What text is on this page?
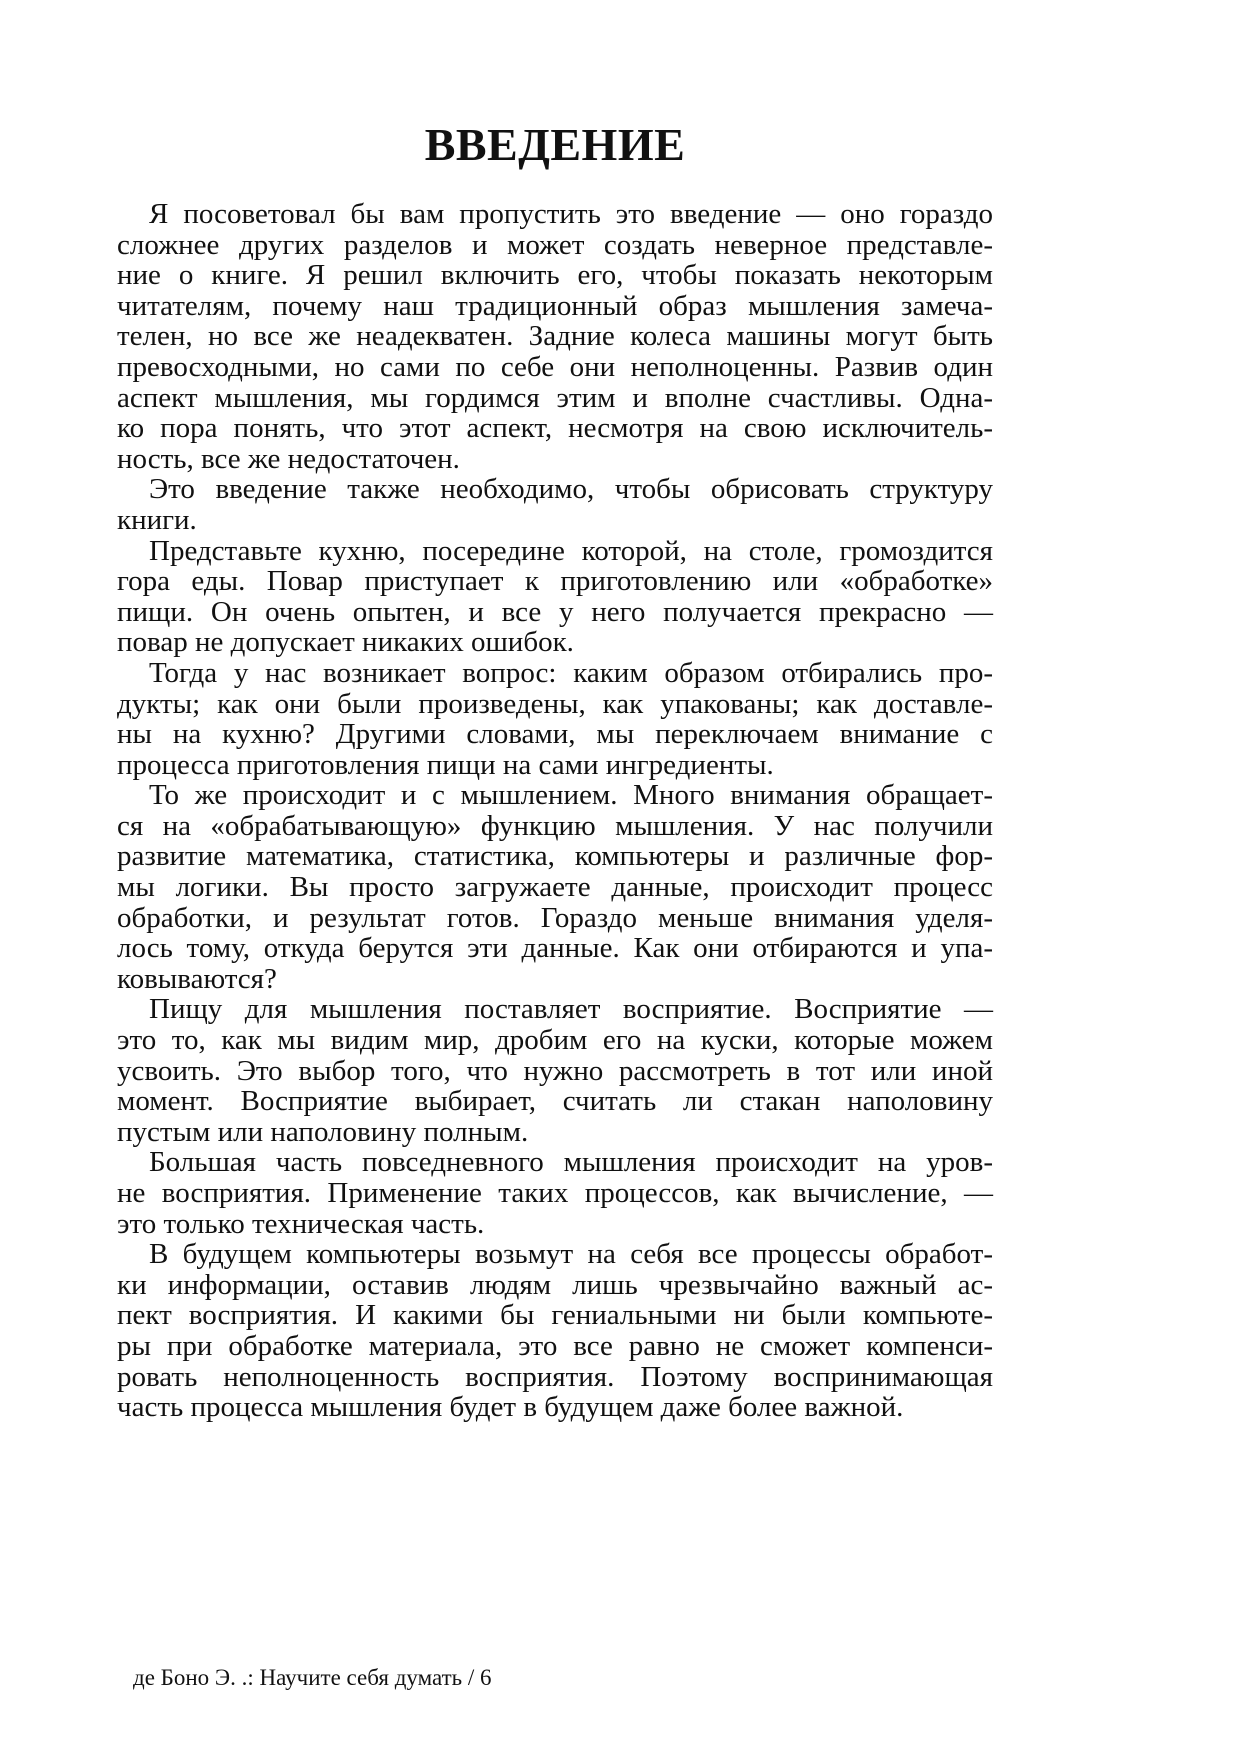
ВВЕДЕНИЕ
Я посоветовал бы вам пропустить это введение — оно гораздо
сложнее других разделов и может создать неверное представле-
ние о книге. Я решил включить его, чтобы показать некоторым
читателям, почему наш традиционный образ мышления замеча-
телен, но все же неадекватен. Задние колеса машины могут быть
превосходными, но сами по себе они неполноценны. Развив один
аспект мышления, мы гордимся этим и вполне счастливы. Одна-
ко пора понять, что этот аспект, несмотря на свою исключитель-
ность, все же недостаточен.
Это введение также необходимо, чтобы обрисовать структуру
книги.
Представьте кухню, посередине которой, на столе, громоздится
гора еды. Повар приступает к приготовлению или «обработке»
пищи. Он очень опытен, и все у него получается прекрасно —
повар не допускает никаких ошибок.
Тогда у нас возникает вопрос: каким образом отбирались про-
дукты; как они были произведены, как упакованы; как доставле-
ны на кухню? Другими словами, мы переключаем внимание с
процесса приготовления пищи на сами ингредиенты.
То же происходит и с мышлением. Много внимания обращает-
ся на «обрабатывающую» функцию мышления. У нас получили
развитие математика, статистика, компьютеры и различные фор-
мы логики. Вы просто загружаете данные, происходит процесс
обработки, и результат готов. Гораздо меньше внимания уделя-
лось тому, откуда берутся эти данные. Как они отбираются и упа-
ковываются?
Пищу для мышления поставляет восприятие. Восприятие —
это то, как мы видим мир, дробим его на куски, которые можем
усвоить. Это выбор того, что нужно рассмотреть в тот или иной
момент. Восприятие выбирает, считать ли стакан наполовину
пустым или наполовину полным.
Большая часть повседневного мышления происходит на уров-
не восприятия. Применение таких процессов, как вычисление, —
это только техническая часть.
В будущем компьютеры возьмут на себя все процессы обработ-
ки информации, оставив людям лишь чрезвычайно важный ас-
пект восприятия. И какими бы гениальными ни были компьюте-
ры при обработке материала, это все равно не сможет компенси-
ровать неполноценность восприятия. Поэтому воспринимающая
часть процесса мышления будет в будущем даже более важной.
де Боно Э. .: Научите себя думать / 6
